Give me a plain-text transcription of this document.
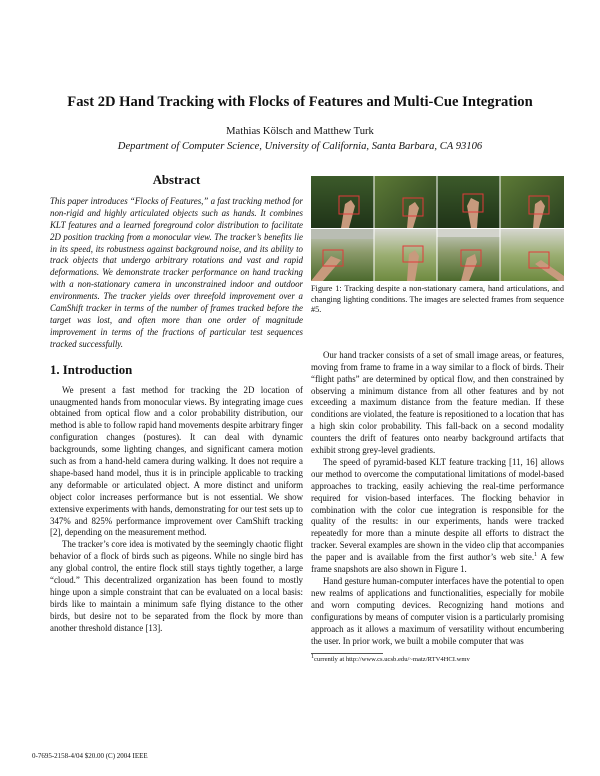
Fast 2D Hand Tracking with Flocks of Features and Multi-Cue Integration
Mathias Kölsch and Matthew Turk
Department of Computer Science, University of California, Santa Barbara, CA 93106
Abstract

This paper introduces “Flocks of Features,” a fast tracking method for non-rigid and highly articulated objects such as hands. It combines KLT features and a learned foreground color distribution to facilitate 2D position tracking from a monocular view. The tracker’s benefits lie in its speed, its robustness against background noise, and its ability to track objects that undergo arbitrary rotations and vast and rapid deformations. We demonstrate tracker performance on hand tracking with a non-stationary camera in unconstrained indoor and outdoor environments. The tracker yields over threefold improvement over a CamShift tracker in terms of the number of frames tracked before the target was lost, and often more than one order of magnitude improvement in terms of the fractions of particular test sequences tracked successfully.

1. Introduction

We present a fast method for tracking the 2D location of unaugmented hands from monocular views. By integrating image cues obtained from optical flow and a color probability distribution, our method is able to follow rapid hand movements despite arbitrary finger configuration changes (postures). It can deal with dynamic backgrounds, some lighting changes, and significant camera motion such as from a hand-held camera during walking. It does not require a shape-based hand model, thus it is in principle applicable to tracking any deformable or articulated object. A more distinct and uniform object color increases performance but is not essential. We show extensive experiments with hands, demonstrating for our test sets up to 347% and 825% performance improvement over CamShift tracking [2], depending on the measurement method.

The tracker’s core idea is motivated by the seemingly chaotic flight behavior of a flock of birds such as pigeons. While no single bird has any global control, the entire flock still stays tightly together, a large “cloud.” This decentralized organization has been found to mostly hinge upon a simple constraint that can be evaluated on a local basis: birds like to maintain a minimum safe flying distance to the other birds, but desire not to be separated from the flock by more than another threshold distance [13].

Figure 1: Tracking despite a non-stationary camera, hand articulations, and changing lighting conditions. The images are selected frames from sequence #5.

Our hand tracker consists of a set of small image areas, or features, moving from frame to frame in a way similar to a flock of birds. Their “flight paths” are determined by optical flow, and then constrained by observing a minimum distance from all other features and by not exceeding a maximum distance from the feature median. If these conditions are violated, the feature is repositioned to a location that has a high skin color probability. This fall-back on a second modality counters the drift of features onto nearby background artifacts that exhibit strong grey-level gradients.

The speed of pyramid-based KLT feature tracking [11, 16] allows our method to overcome the computational limitations of model-based approaches to tracking, easily achieving the real-time performance required for vision-based interfaces. The flocking behavior in combination with the color cue integration is responsible for the quality of the results: in our experiments, hands were tracked repeatedly for more than a minute despite all efforts to distract the tracker. Several examples are shown in the video clip that accompanies the paper and is available from the first author’s web site.$^1$ A few frame snapshots are also shown in Figure 1.

Hand gesture human-computer interfaces have the potential to open new realms of applications and functionalities, especially for mobile and worn computing devices. Recognizing hand motions and configurations by means of computer vision is a particularly promising approach as it allows a maximum of versatility without encumbering the user. In prior work, we built a mobile computer that was

$^1$currently at http://www.cs.ucsb.edu/~matz/RTV4HCI.wmv
0-7695-2158-4/04 $20.00 (C) 2004 IEEE
